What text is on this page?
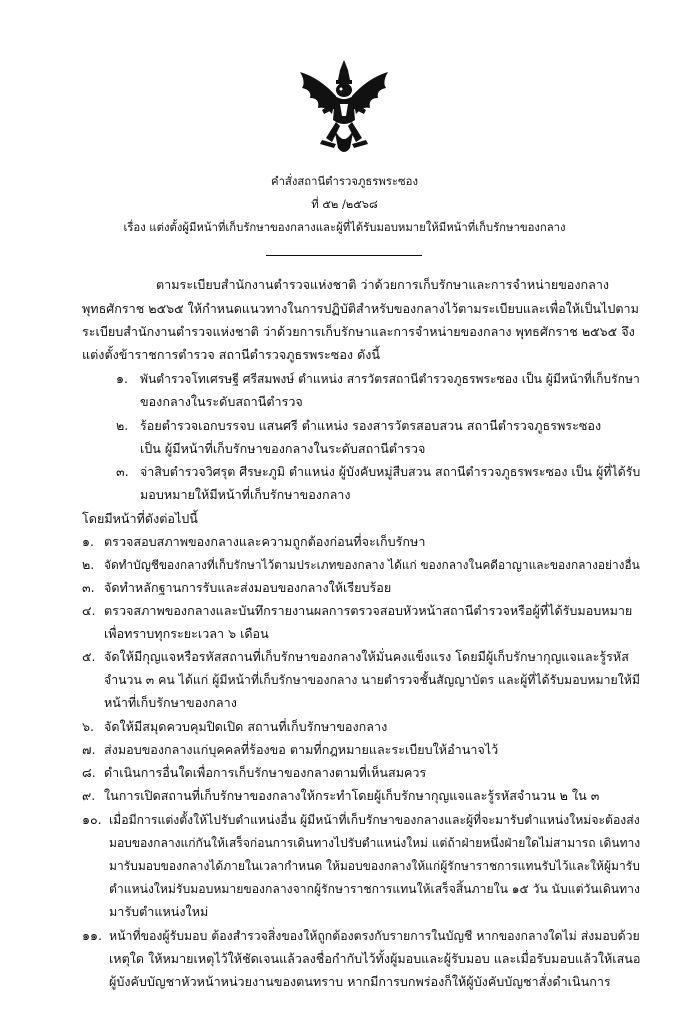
คำสั่งสถานีตำรวจภูธรพระซอง
ที่ ๕๒ /๒๕๖๘
เรื่อง แต่งตั้งผู้มีหน้าที่เก็บรักษาของกลางและผู้ที่ได้รับมอบหมายให้มีหน้าที่เก็บรักษาของกลาง
ตามระเบียบสำนักงานตำรวจแห่งชาติ ว่าด้วยการเก็บรักษาและการจำหน่ายของกลาง
พุทธศักราช ๒๕๖๕ ให้กำหนดแนวทางในการปฏิบัติสำหรับของกลางไว้ตามระเบียบและเพื่อให้เป็นไปตาม
ระเบียบสำนักงานตำรวจแห่งชาติ ว่าด้วยการเก็บรักษาและการจำหน่ายของกลาง พุทธศักราช ๒๕๖๕ จึง
แต่งตั้งข้าราชการตำรวจ สถานีตำรวจภูธรพระซอง ดังนี้
๑. พันตำรวจโทเศรษฐี ศรีสมพงษ์ ตำแหน่ง สารวัตรสถานีตำรวจภูธรพระซอง เป็น ผู้มีหน้าที่เก็บรักษา
ของกลางในระดับสถานีตำรวจ
๒. ร้อยตำรวจเอกบรรจบ แสนศรี ตำแหน่ง รองสารวัตรสอบสวน สถานีตำรวจภูธรพระซอง
เป็น ผู้มีหน้าที่เก็บรักษาของกลางในระดับสถานีตำรวจ
๓. จ่าสิบตำรวจวิศรุต ศีรษะภูมิ ตำแหน่ง ผู้บังคับหมู่สืบสวน สถานีตำรวจภูธรพระซอง เป็น ผู้ที่ได้รับ
มอบหมายให้มีหน้าที่เก็บรักษาของกลาง
โดยมีหน้าที่ดังต่อไปนี้
๑. ตรวจสอบสภาพของกลางและความถูกต้องก่อนที่จะเก็บรักษา
๒. จัดทำบัญชีของกลางที่เก็บรักษาไว้ตามประเภทของกลาง ได้แก่ ของกลางในคดีอาญาและของกลางอย่างอื่น
๓. จัดทำหลักฐานการรับและส่งมอบของกลางให้เรียบร้อย
๔. ตรวจสภาพของกลางและบันทึกรายงานผลการตรวจสอบหัวหน้าสถานีตำรวจหรือผู้ที่ได้รับมอบหมาย
เพื่อทราบทุกระยะเวลา ๖ เดือน
๕. จัดให้มีกุญแจหรือรหัสสถานที่เก็บรักษาของกลางให้มั่นคงแข็งแรง โดยมีผู้เก็บรักษากุญแจและรู้รหัส
จำนวน ๓ คน ได้แก่ ผู้มีหน้าที่เก็บรักษาของกลาง นายตำรวจชั้นสัญญาบัตร และผู้ที่ได้รับมอบหมายให้มี
หน้าที่เก็บรักษาของกลาง
๖. จัดให้มีสมุดควบคุมปิดเปิด สถานที่เก็บรักษาของกลาง
๗. ส่งมอบของกลางแก่บุคคลที่ร้องขอ ตามที่กฎหมายและระเบียบให้อำนาจไว้
๘. ดำเนินการอื่นใดเพื่อการเก็บรักษาของกลางตามที่เห็นสมควร
๙. ในการเปิดสถานที่เก็บรักษาของกลางให้กระทำโดยผู้เก็บรักษากุญแจและรู้รหัสจำนวน ๒ ใน ๓
๑๐. เมื่อมีการแต่งตั้งให้ไปรับตำแหน่งอื่น ผู้มีหน้าที่เก็บรักษาของกลางและผู้ที่จะมารับตำแหน่งใหม่จะต้องส่ง
มอบของกลางแก่กันให้เสร็จก่อนการเดินทางไปรับตำแหน่งใหม่ แต่ถ้าฝ่ายหนึ่งฝ่ายใดไม่สามารถ เดินทาง
มารับมอบของกลางได้ภายในเวลากำหนด ให้มอบของกลางให้แก่ผู้รักษาราชการแทนรับไว้และให้ผู้มารับ
ตำแหน่งใหม่รับมอบหมายของกลางจากผู้รักษาราชการแทนให้เสร็จสิ้นภายใน ๑๕ วัน นับแต่วันเดินทาง
มารับตำแหน่งใหม่
๑๑. หน้าที่ของผู้รับมอบ ต้องสำรวจสิ่งของให้ถูกต้องตรงกับรายการในบัญชี หากของกลางใดไม่ ส่งมอบด้วย
เหตุใด ให้หมายเหตุไว้ให้ชัดเจนแล้วลงชื่อกำกับไว้ทั้งผู้มอบและผู้รับมอบ และเมื่อรับมอบแล้วให้เสนอ
ผู้บังคับบัญชาหัวหน้าหน่วยงานของตนทราบ หากมีการบกพร่องก็ให้ผู้บังคับบัญชาสั่งดำเนินการ
